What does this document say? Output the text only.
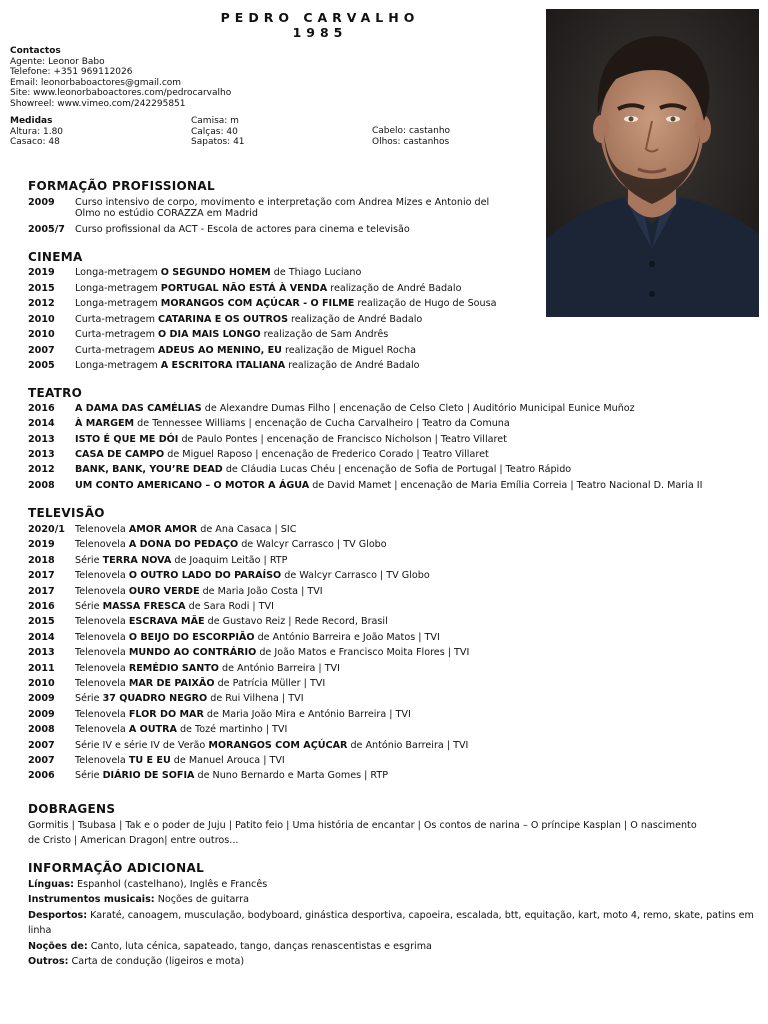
PEDRO CARVALHO
1985
Contactos
Agente: Leonor Babo
Telefone: +351 969112026
Email: leonorbaboactores@gmail.com
Site: www.leonorbaboactores.com/pedrocarvalho
Showreel: www.vimeo.com/242295851
Medidas
Altura: 1.80
Casaco: 48
Camisa: m
Calças: 40
Sapatos: 41
Cabelo: castanho
Olhos: castanhos
FORMAÇÃO PROFISSIONAL
2009 Curso intensivo de corpo, movimento e interpretação com Andrea Mizes e Antonio del
Olmo no estúdio CORAZZA em Madrid
2005/7 Curso profissional da ACT - Escola de actores para cinema e televisão
CINEMA
2019 Longa-metragem O SEGUNDO HOMEM de Thiago Luciano
2015 Longa-metragem PORTUGAL NÃO ESTÁ À VENDA realização de André Badalo
2012 Longa-metragem MORANGOS COM AÇÚCAR - O FILME realização de Hugo de Sousa
2010 Curta-metragem CATARINA E OS OUTROS realização de André Badalo
2010 Curta-metragem O DIA MAIS LONGO realização de Sam Andrês
2007 Curta-metragem ADEUS AO MENINO, EU realização de Miguel Rocha
2005 Longa-metragem A ESCRITORA ITALIANA realização de André Badalo
TEATRO
2016 A DAMA DAS CAMÉLIAS de Alexandre Dumas Filho | encenação de Celso Cleto | Auditório Municipal Eunice Muñoz
2014 À MARGEM de Tennessee Williams | encenação de Cucha Carvalheiro | Teatro da Comuna
2013 ISTO É QUE ME DÓI de Paulo Pontes | encenação de Francisco Nicholson | Teatro Villaret
2013 CASA DE CAMPO de Miguel Raposo | encenação de Frederico Corado | Teatro Villaret
2012 BANK, BANK, YOU’RE DEAD de Cláudia Lucas Chéu | encenação de Sofia de Portugal | Teatro Rápido
2008 UM CONTO AMERICANO – O MOTOR A ÁGUA de David Mamet | encenação de Maria Emília Correia | Teatro Nacional D. Maria II
TELEVISÃO
2020/1 Telenovela AMOR AMOR de Ana Casaca | SIC
2019 Telenovela A DONA DO PEDAÇO de Walcyr Carrasco | TV Globo
2018 Série TERRA NOVA de Joaquim Leitão | RTP
2017 Telenovela O OUTRO LADO DO PARAÍSO de Walcyr Carrasco | TV Globo
2017 Telenovela OURO VERDE de Maria João Costa | TVI
2016 Série MASSA FRESCA de Sara Rodi | TVI
2015 Telenovela ESCRAVA MÃE de Gustavo Reiz | Rede Record, Brasil
2014 Telenovela O BEIJO DO ESCORPIÃO de António Barreira e João Matos | TVI
2013 Telenovela MUNDO AO CONTRÁRIO de João Matos e Francisco Moita Flores | TVI
2011 Telenovela REMÉDIO SANTO de António Barreira | TVI
2010 Telenovela MAR DE PAIXÃO de Patrícia Müller | TVI
2009 Série 37 QUADRO NEGRO de Rui Vilhena | TVI
2009 Telenovela FLOR DO MAR de Maria João Mira e António Barreira | TVI
2008 Telenovela A OUTRA de Tozé martinho | TVI
2007 Série IV e série IV de Verão MORANGOS COM AÇÚCAR de António Barreira | TVI
2007 Telenovela TU E EU de Manuel Arouca | TVI
2006 Série DIÁRIO DE SOFIA de Nuno Bernardo e Marta Gomes | RTP
DOBRAGENS
Gormitis | Tsubasa | Tak e o poder de Juju | Patito feio | Uma história de encantar | Os contos de narina – O príncipe Kasplan | O nascimento de Cristo | American Dragon| entre outros...
INFORMAÇÃO ADICIONAL
Línguas: Espanhol (castelhano), Inglês e Francês
Instrumentos musicais: Noções de guitarra
Desportos: Karaté, canoagem, musculação, bodyboard, ginástica desportiva, capoeira, escalada, btt, equitação, kart, moto 4, remo, skate, patins em linha
Noções de: Canto, luta cénica, sapateado, tango, danças renascentistas e esgrima
Outros: Carta de condução (ligeiros e mota)
